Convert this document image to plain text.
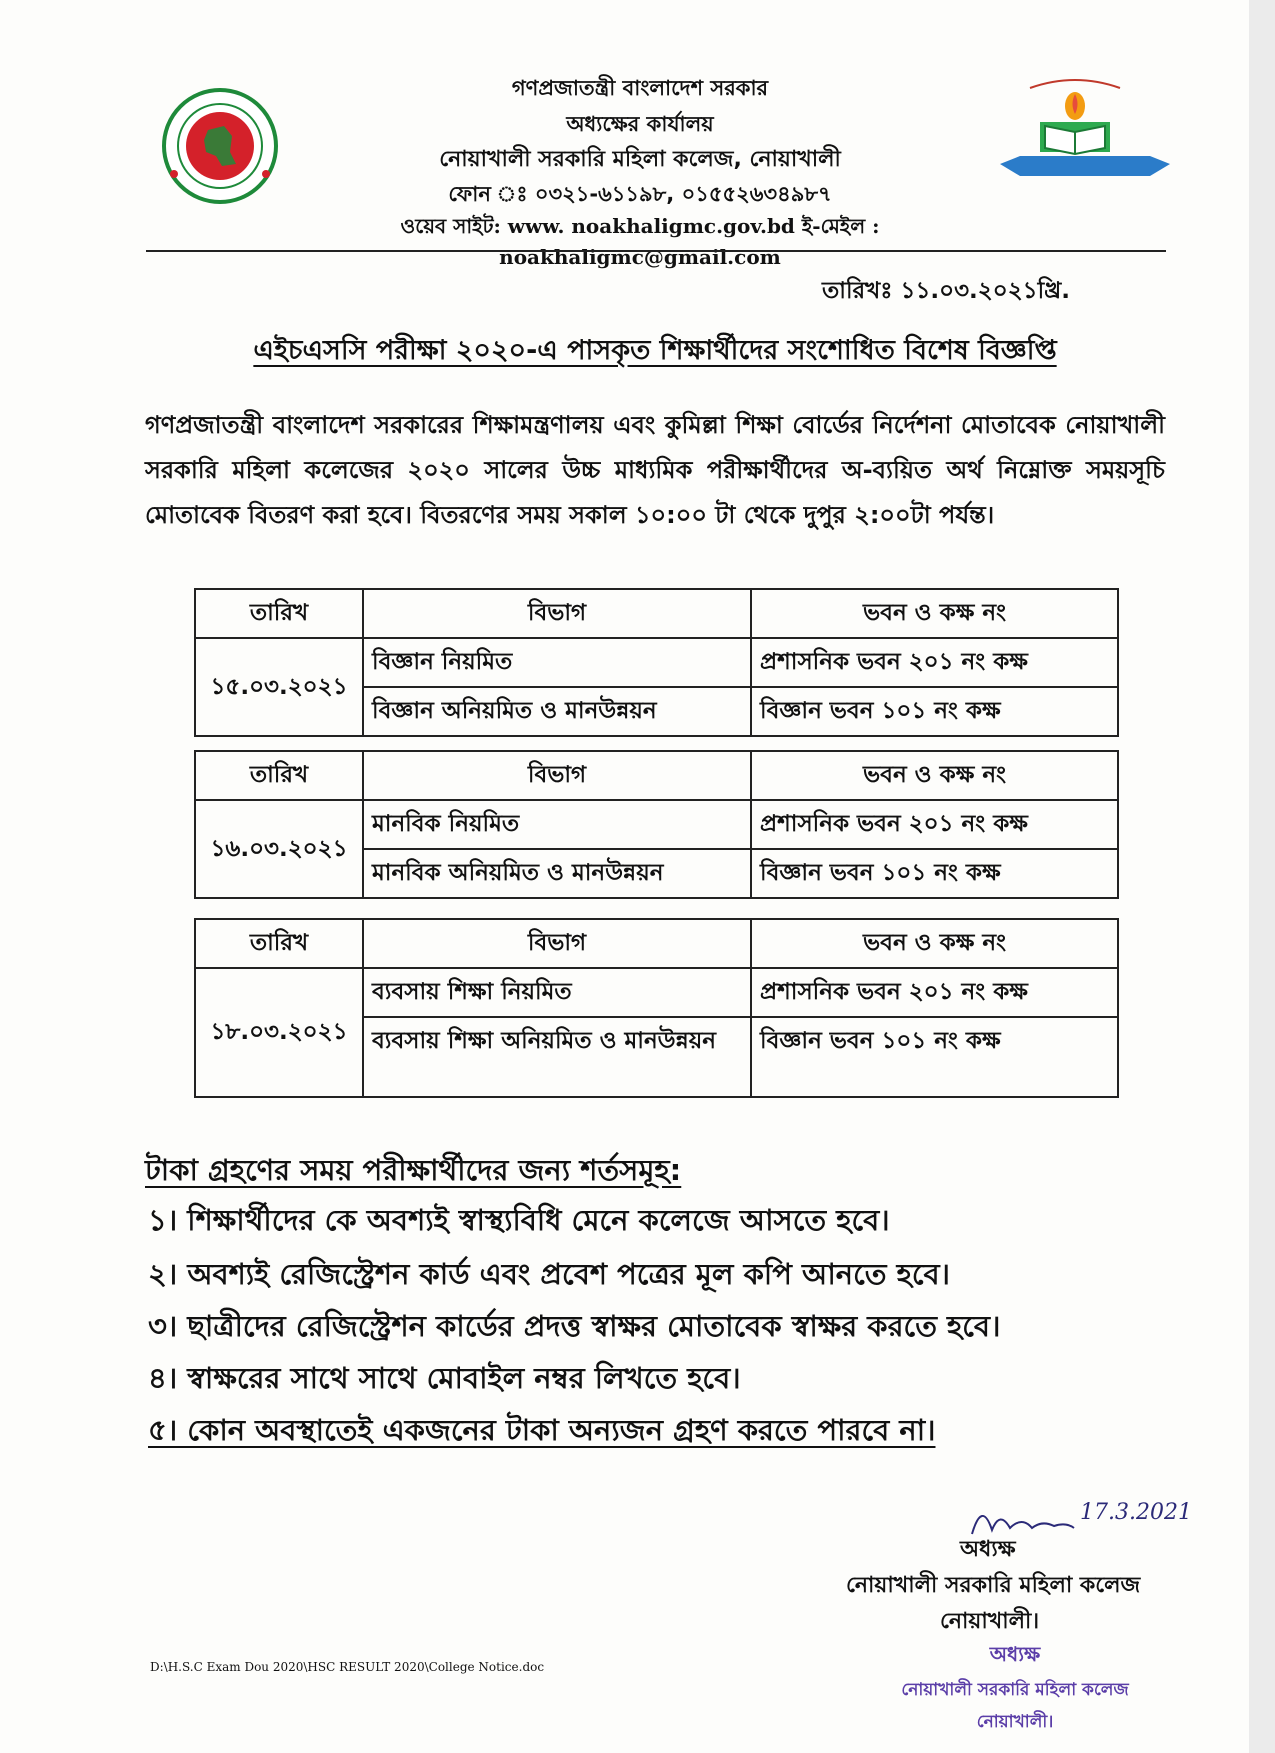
গণপ্রজাতন্ত্রী বাংলাদেশ সরকার
অধ্যক্ষের কার্যালয়
নোয়াখালী সরকারি মহিলা কলেজ, নোয়াখালী
ফোন ঃ ০৩২১-৬১১৯৮, ০১৫৫২৬৩৪৯৮৭
ওয়েব সাইট: www. noakhaligmc.gov.bd ই-মেইল : noakhaligmc@gmail.com
তারিখঃ ১১.০৩.২০২১খ্রি.
এইচএসসি পরীক্ষা ২০২০-এ পাসকৃত শিক্ষার্থীদের সংশোধিত বিশেষ বিজ্ঞপ্তি
গণপ্রজাতন্ত্রী বাংলাদেশ সরকারের শিক্ষামন্ত্রণালয় এবং কুমিল্লা শিক্ষা বোর্ডের নির্দেশনা মোতাবেক নোয়াখালী সরকারি মহিলা কলেজের ২০২০ সালের উচ্চ মাধ্যমিক পরীক্ষার্থীদের অ-ব্যয়িত অর্থ নিম্নোক্ত সময়সূচি মোতাবেক বিতরণ করা হবে। বিতরণের সময় সকাল ১০:০০ টা থেকে দুপুর ২:০০টা পর্যন্ত।
তারিখ	বিভাগ	ভবন ও কক্ষ নং
১৫.০৩.২০২১	বিজ্ঞান নিয়মিত	প্রশাসনিক ভবন ২০১ নং কক্ষ
	বিজ্ঞান অনিয়মিত ও মানউন্নয়ন	বিজ্ঞান ভবন ১০১ নং কক্ষ
তারিখ	বিভাগ	ভবন ও কক্ষ নং
১৬.০৩.২০২১	মানবিক নিয়মিত	প্রশাসনিক ভবন ২০১ নং কক্ষ
	মানবিক অনিয়মিত ও মানউন্নয়ন	বিজ্ঞান ভবন ১০১ নং কক্ষ
তারিখ	বিভাগ	ভবন ও কক্ষ নং
১৮.০৩.২০২১	ব্যবসায় শিক্ষা নিয়মিত	প্রশাসনিক ভবন ২০১ নং কক্ষ
	ব্যবসায় শিক্ষা অনিয়মিত ও মানউন্নয়ন	বিজ্ঞান ভবন ১০১ নং কক্ষ
টাকা গ্রহণের সময় পরীক্ষার্থীদের জন্য শর্তসমূহ:
১। শিক্ষার্থীদের কে অবশ্যই স্বাস্থ্যবিধি মেনে কলেজে আসতে হবে।
২। অবশ্যই রেজিস্ট্রেশন কার্ড এবং প্রবেশ পত্রের মূল কপি আনতে হবে।
৩। ছাত্রীদের রেজিস্ট্রেশন কার্ডের প্রদত্ত স্বাক্ষর মোতাবেক স্বাক্ষর করতে হবে।
৪। স্বাক্ষরের সাথে সাথে মোবাইল নম্বর লিখতে হবে।
৫। কোন অবস্থাতেই একজনের টাকা অন্যজন গ্রহণ করতে পারবে না।
17.3.2021
অধ্যক্ষ
নোয়াখালী সরকারি মহিলা কলেজ
নোয়াখালী।
অধ্যক্ষ
নোয়াখালী সরকারি মহিলা কলেজ
নোয়াখালী।
D:\H.S.C Exam Dou 2020\HSC RESULT 2020\College Notice.doc
